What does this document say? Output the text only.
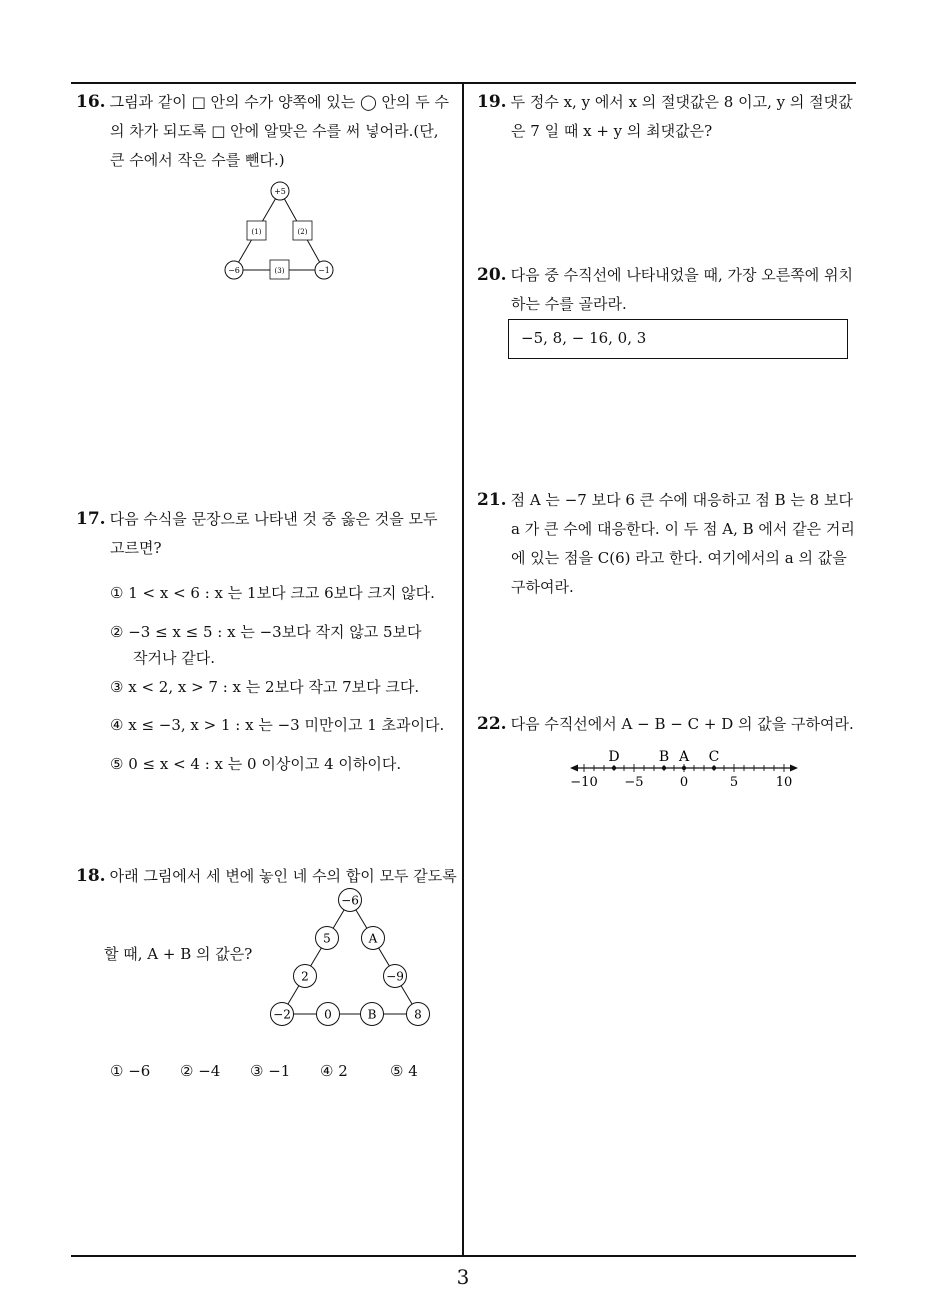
3
16. 그림과 같이 □ 안의 수가 양쪽에 있는 ◯ 안의 두 수의 차가 되도록 □ 안에 알맞은 수를 써 넣어라.(단, 큰 수에서 작은 수를 뺀다.)
+5
−6	−1
(1)	(2)
(3)
17. 다음 수식을 문장으로 나타낸 것 중 옳은 것을 모두 고르면?
① 1 < x < 6 : x 는 1보다 크고 6보다 크지 않다.
② −3 ≤ x ≤ 5 : x 는 −3보다 작지 않고 5보다
작거나 같다.
③ x < 2, x > 7 : x 는 2보다 작고 7보다 크다.
④ x ≤ −3, x > 1 : x 는 −3 미만이고 1 초과이다.
⑤ 0 ≤ x < 4 : x 는 0 이상이고 4 이하이다.
18. 아래 그림에서 세 변에 놓인 네 수의 합이 모두 같도록
할 때, A + B 의 값은?
−6
5	A
2	−9
−2	0	B	8
① −6 ② −4 ③ −1 ④ 2	⑤ 4
19. 두 정수 x, y 에서 x 의 절댓값은 8 이고, y 의 절댓값은 7 일 때 x + y 의 최댓값은?
20. 다음 중 수직선에 나타내었을 때, 가장 오른쪽에 위치하는 수를 골라라.
−5, 8, − 16, 0, 3
21. 점 A 는 −7 보다 6 큰 수에 대응하고 점 B 는 8 보다 a 가 큰 수에 대응한다. 이 두 점 A, B 에서 같은 거리에 있는 점을 C(6) 라고 한다. 여기에서의 a 의 값을 구하여라.
22. 다음 수직선에서 A − B − C + D 의 값을 구하여라.
−10 −5	0	5	10
D	B A C
